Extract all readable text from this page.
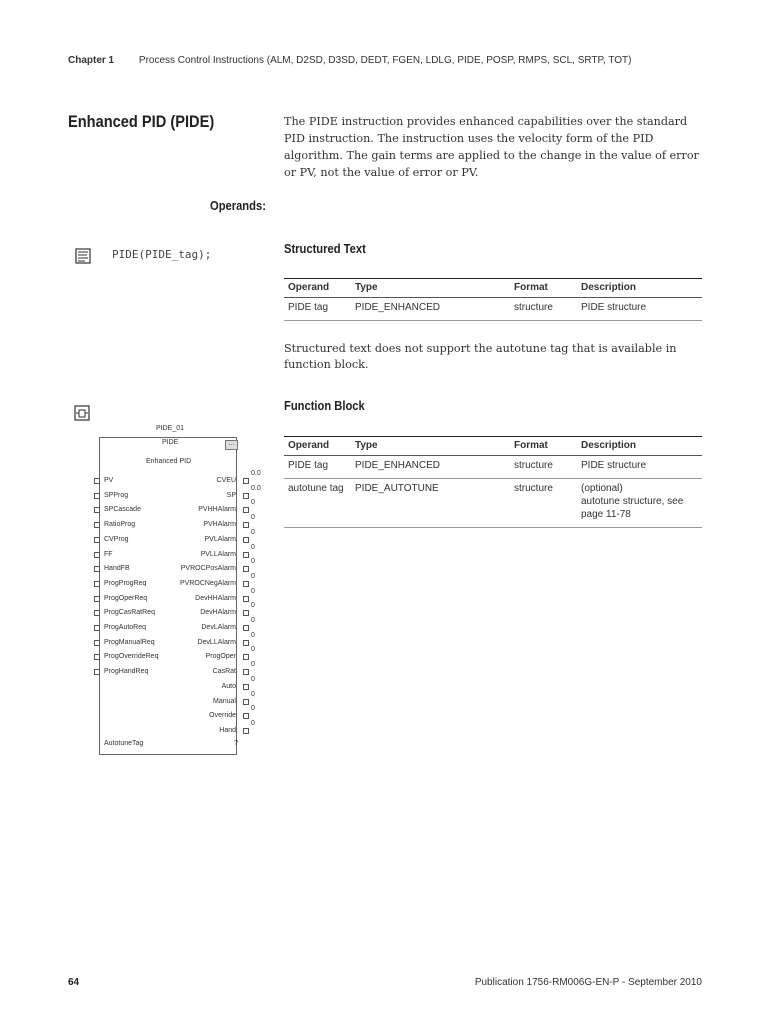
Chapter 1 Process Control Instructions (ALM, D2SD, D3SD, DEDT, FGEN, LDLG, PIDE, POSP, RMPS, SCL, SRTP, TOT)
Enhanced PID (PIDE)	The PIDE instruction provides enhanced capabilities over the standard PID instruction. The instruction uses the velocity form of the PID algorithm. The gain terms are applied to the change in the value of error or PV, not the value of error or PV.
Operands:
PIDE(PIDE_tag);	Structured Text
Operand	Type	Format	Description
PIDE tag	PIDE_ENHANCED	structure	PIDE structure
Structured text does not support the autotune tag that is available in function block.
Function Block
Operand	Type	Format	Description
PIDE tag	PIDE_ENHANCED	structure	PIDE structure
autotune tag	PIDE_AUTOTUNE	structure	(optional)
autotune structure, see page 11-78
PIDE_01
PIDE	...
Enhanced PID
PV
SPProg
SPCascade
RatioProg
CVProg
FF
HandFB
ProgProgReq
ProgOperReq
ProgCasRatReq
ProgAutoReq
ProgManualReq
ProgOverrideReq
ProgHandReq
CVEU
0.0
SP
0.0
PVHHAlarm
0
PVHAlarm
0
PVLAlarm
0
PVLLAlarm
0
PVROCPosAlarm
0
PVROCNegAlarm
0
DevHHAlarm
0
DevHAlarm
0
DevLAlarm
0
DevLLAlarm
0
ProgOper
0
CasRat
0
Auto
0
Manual
0
Override
0
Hand
0
AutotuneTag	?
64	Publication 1756-RM006G-EN-P - September 2010
